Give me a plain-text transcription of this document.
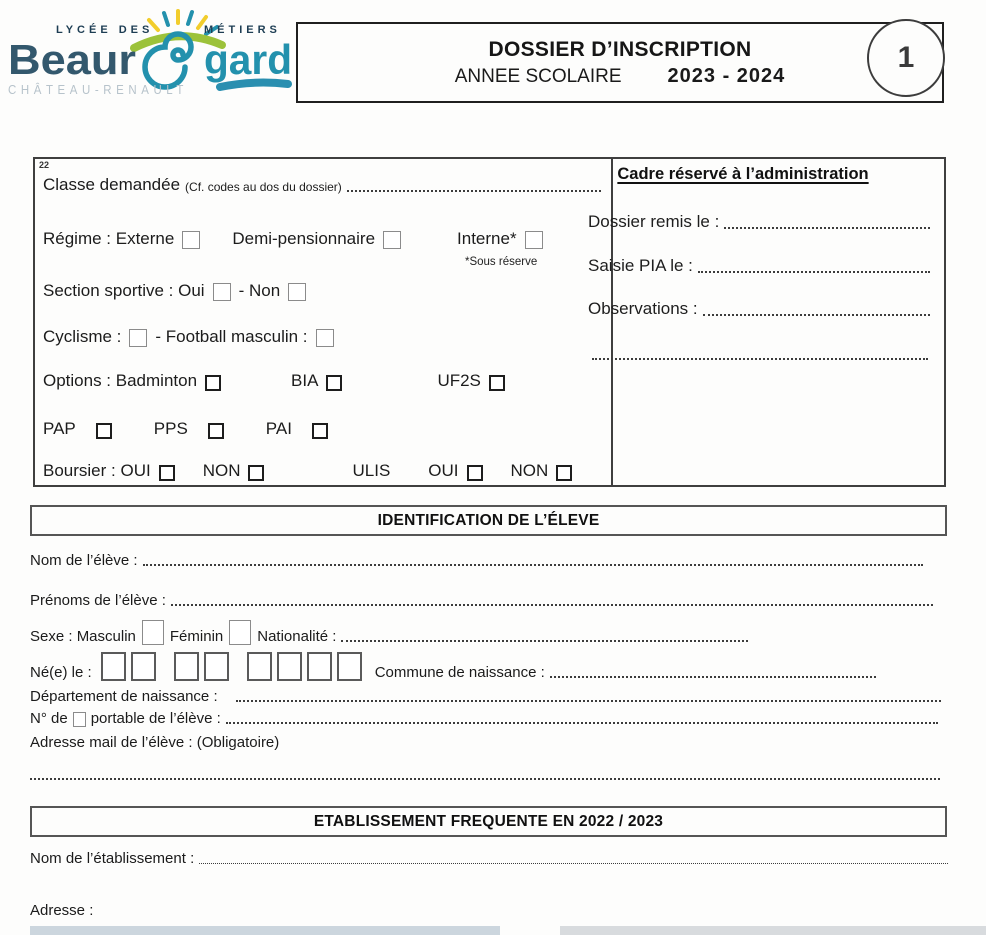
LYCÉE DES	MÉTIERS
Beaur gard
CHÂTEAU-RENAULT
DOSSIER D’INSCRIPTION
ANNEE SCOLAIRE 2023 - 2024
1
22
Classe demandée (Cf. codes au dos du dossier)
Régime : Externe	Demi-pensionnaire	Interne*
*Sous réserve
Section sportive : Oui - Non
Cyclisme : - Football masculin :
Options : Badminton	BIA	UF2S
PAP	PPS	PAI
Boursier : OUI	NON	ULIS OUI	NON
Cadre réservé à l’administration
Dossier remis le :
Saisie PIA le :
Observations :
IDENTIFICATION DE L’ÉLEVE
Nom de l’élève :
Prénoms de l’élève :
Sexe : Masculin Féminin Nationalité :
Né(e) le :	Commune de naissance :
Département de naissance :
N° de portable de l’élève :
Adresse mail de l’élève : (Obligatoire)
ETABLISSEMENT FREQUENTE EN 2022 / 2023
Nom de l’établissement :
Adresse :
